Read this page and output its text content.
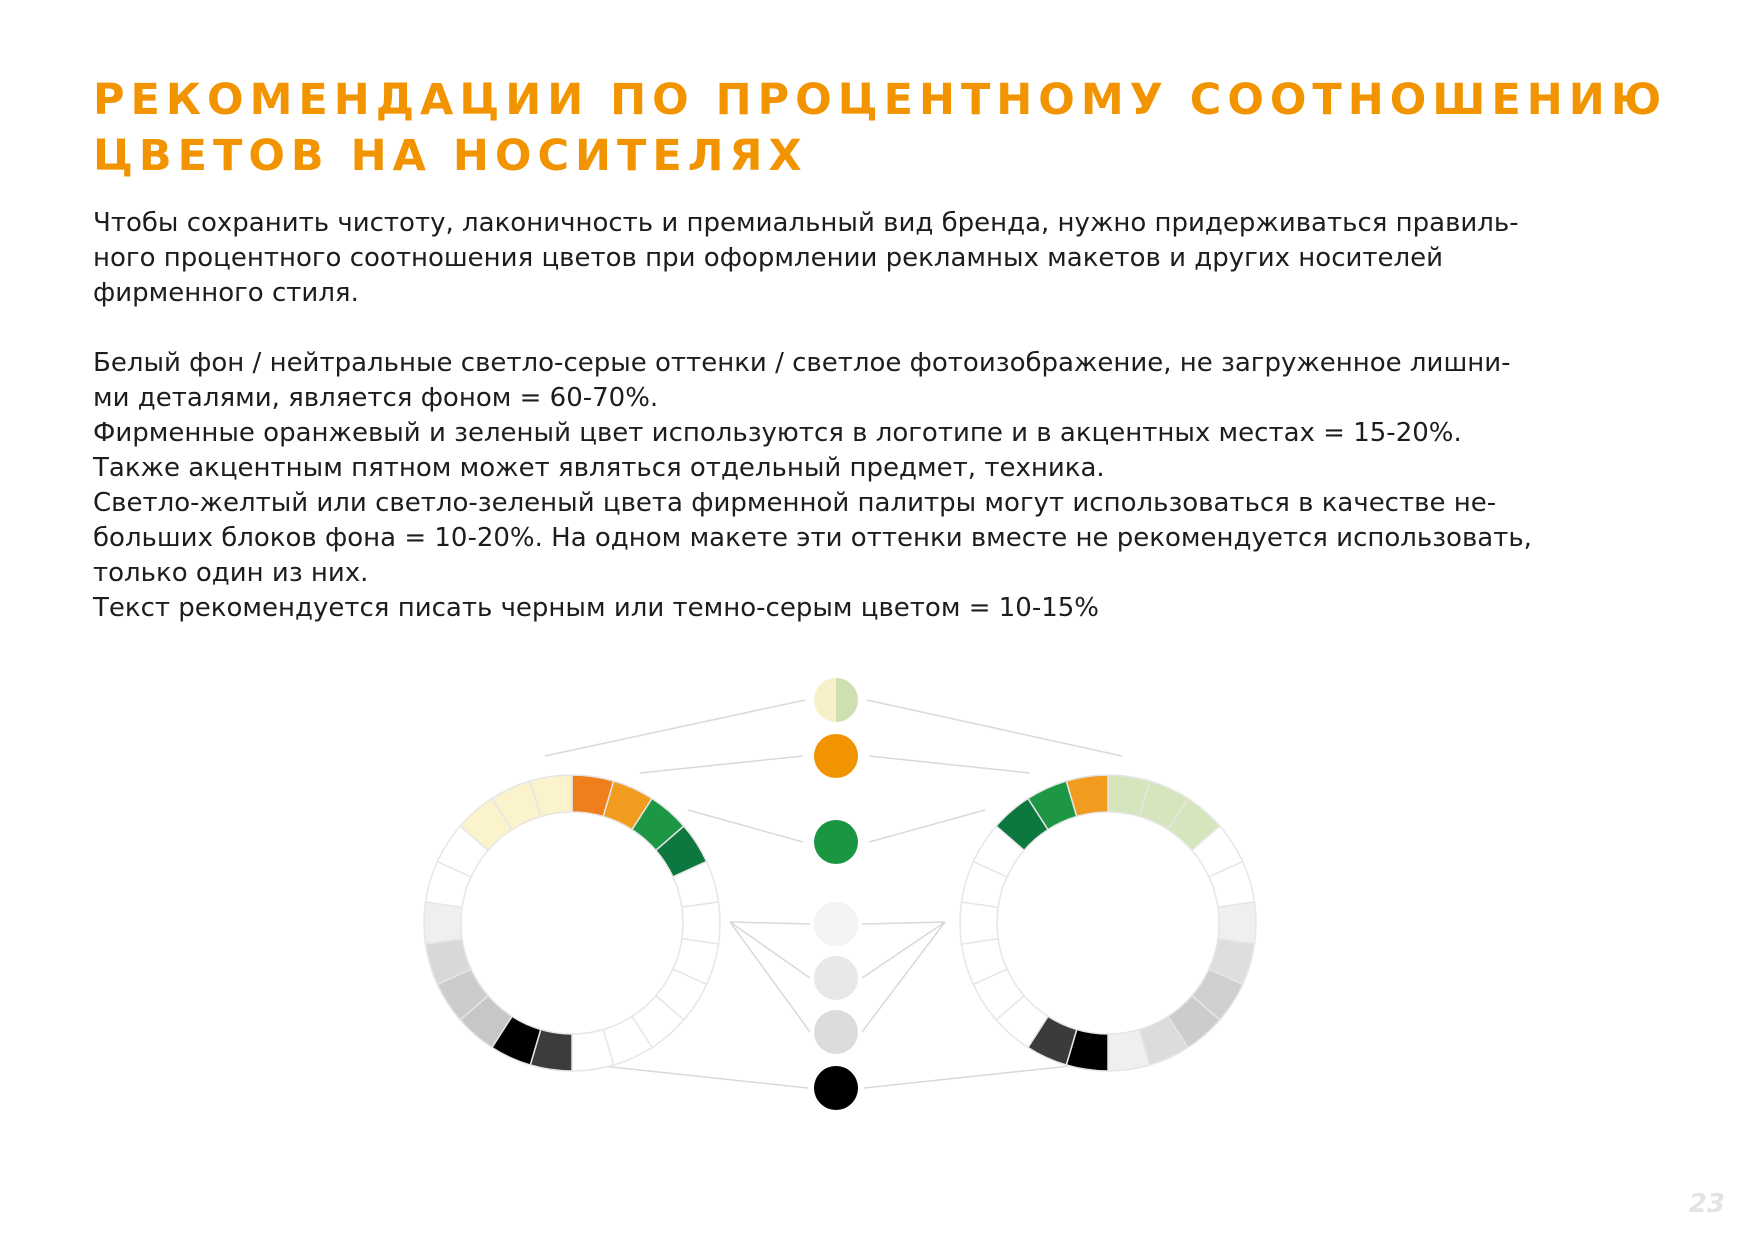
РЕКОМЕНДАЦИИ ПО ПРОЦЕНТНОМУ СООТНОШЕНИЮ
ЦВЕТОВ НА НОСИТЕЛЯХ

Чтобы сохранить чистоту, лаконичность и премиальный вид бренда, нужно придерживаться правиль-

ного процентного соотношения цветов при оформлении рекламных макетов и других носителей

фирменного стиля.

Белый фон / нейтральные светло-серые оттенки / светлое фотоизображение, не загруженное лишни-

ми деталями, является фоном = 60-70%.

Фирменные оранжевый и зеленый цвет используются в логотипе и в акцентных местах = 15-20%.

Также акцентным пятном может являться отдельный предмет, техника.

Светло-желтый или светло-зеленый цвета фирменной палитры могут использоваться в качестве не-

больших блоков фона = 10-20%. На одном макете эти оттенки вместе не рекомендуется использовать,

только один из них.

Текст рекомендуется писать черным или темно-серым цветом = 10-15%

23
